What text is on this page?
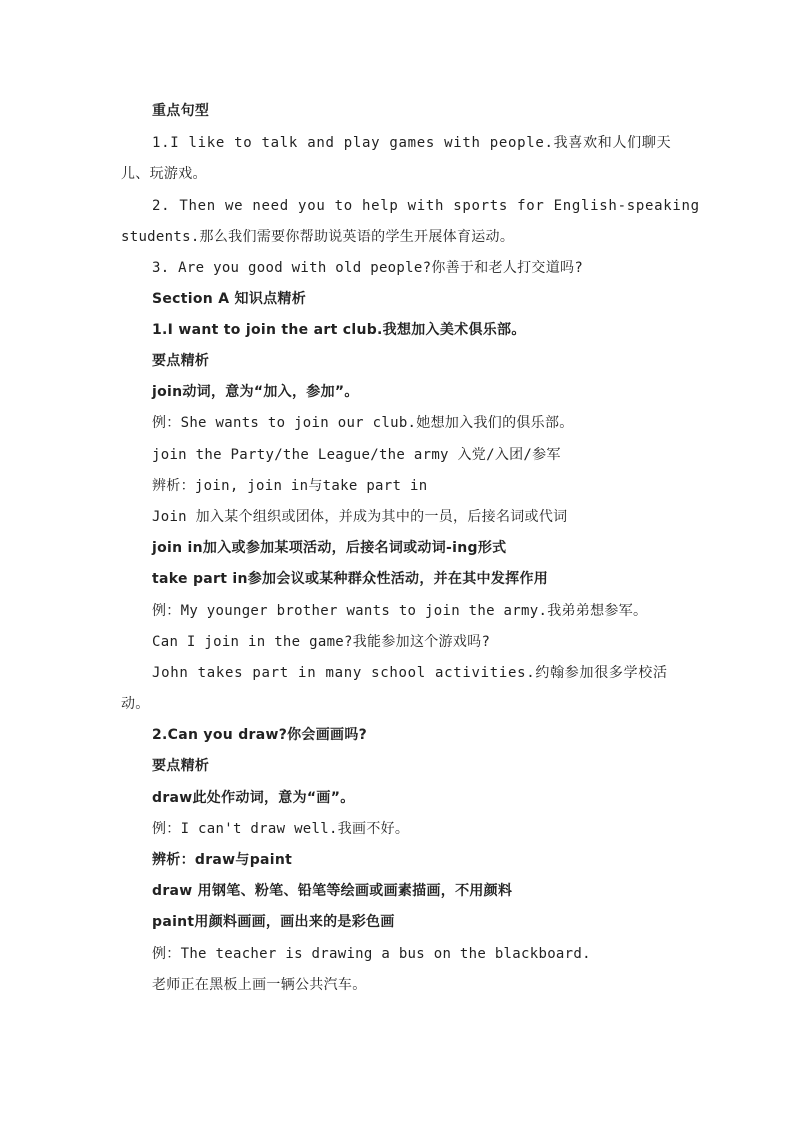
重点句型
1.I like to talk and play games with people.我喜欢和人们聊天
儿、玩游戏。
2. Then we need you to help with sports for English-speaking
students.那么我们需要你帮助说英语的学生开展体育运动。
3. Are you good with old people?你善于和老人打交道吗?
Section A 知识点精析
1.I want to join the art club.我想加入美术俱乐部。
要点精析
join动词，意为“加入，参加”。
例：She wants to join our club.她想加入我们的俱乐部。
join the Party/the League/the army 入党/入团/参军
辨析：join, join in与take part in
Join 加入某个组织或团体，并成为其中的一员，后接名词或代词
join in加入或参加某项活动，后接名词或动词-ing形式
take part in参加会议或某种群众性活动，并在其中发挥作用
例：My younger brother wants to join the army.我弟弟想参军。
Can I join in the game?我能参加这个游戏吗?
John takes part in many school activities.约翰参加很多学校活
动。
2.Can you draw?你会画画吗?
要点精析
draw此处作动词，意为“画”。
例：I can't draw well.我画不好。
辨析：draw与paint
draw 用钢笔、粉笔、铅笔等绘画或画素描画，不用颜料
paint用颜料画画，画出来的是彩色画
例：The teacher is drawing a bus on the blackboard.
老师正在黑板上画一辆公共汽车。
